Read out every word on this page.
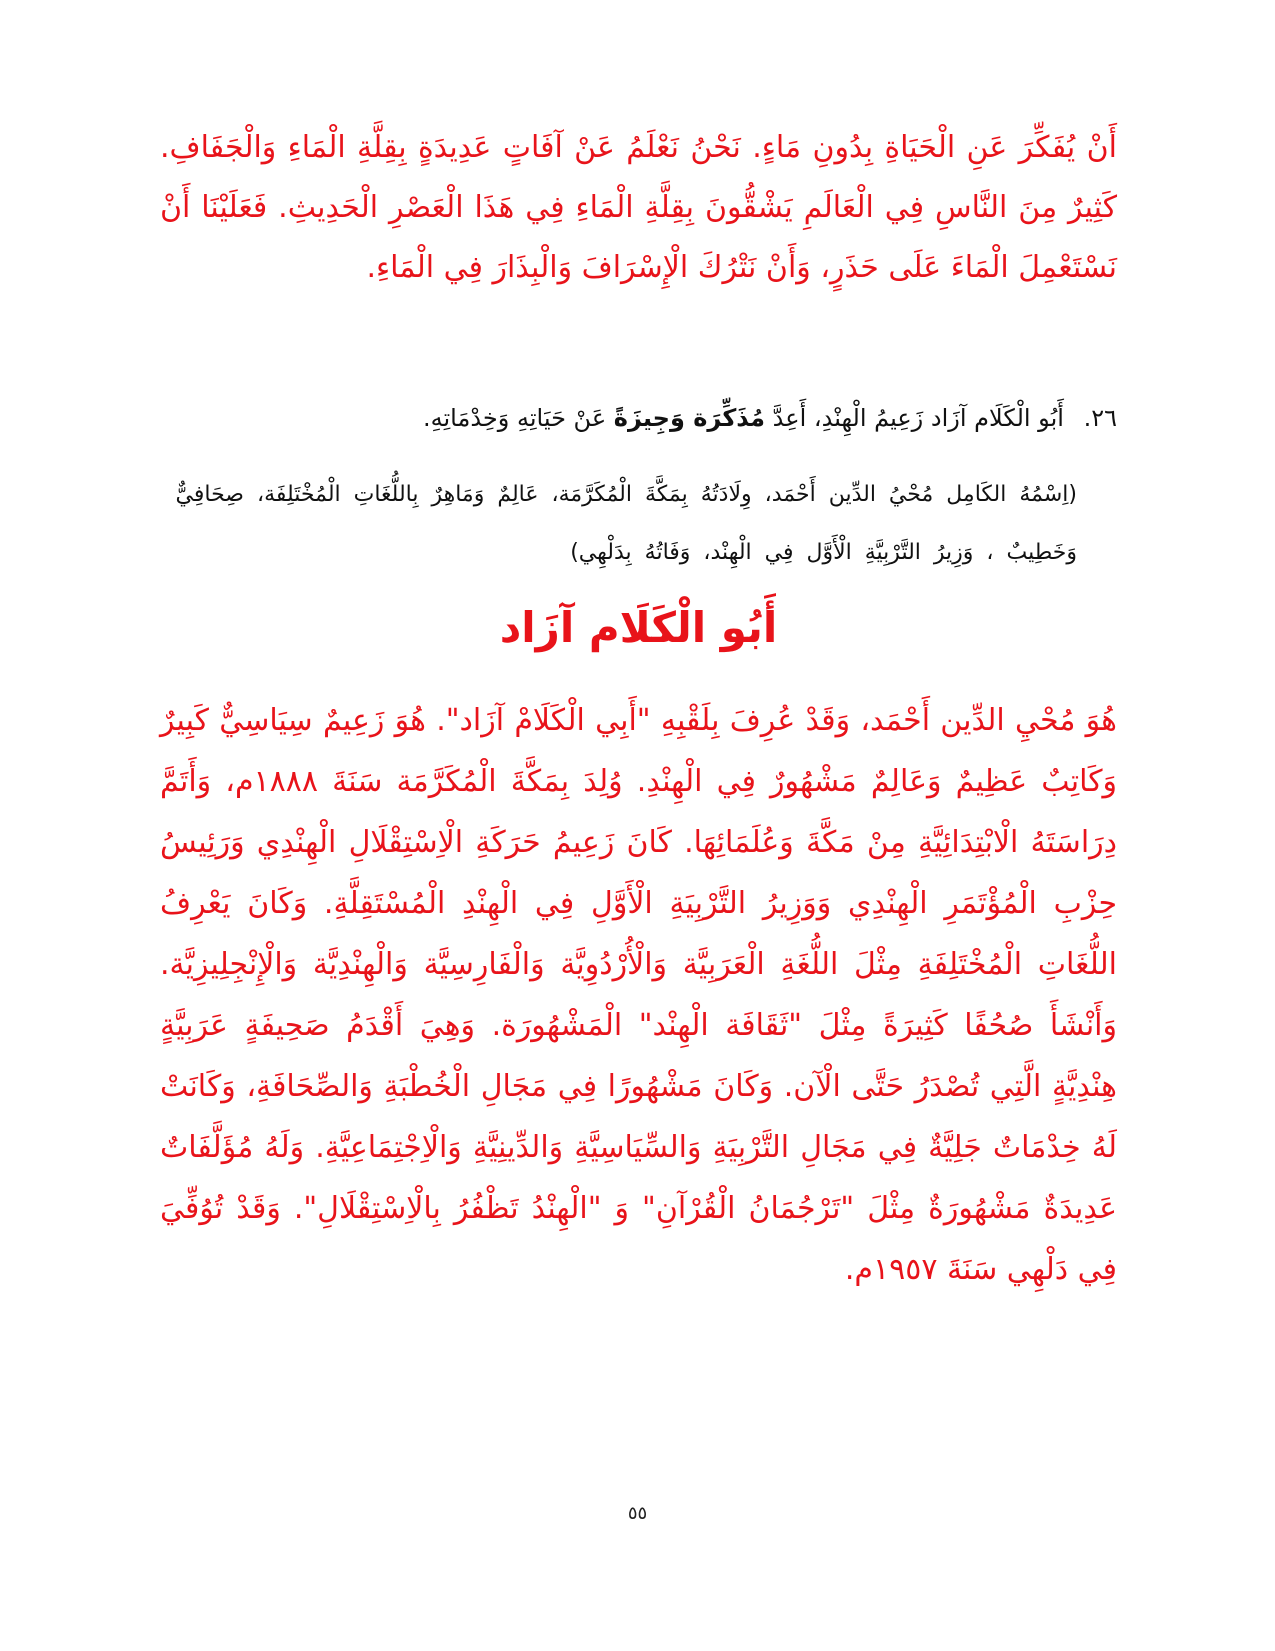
أَنْ يُفَكِّرَ عَنِ الْحَيَاةِ بِدُونِ مَاءٍ. نَحْنُ نَعْلَمُ عَنْ آفَاتٍ عَدِيدَةٍ بِقِلَّةِ الْمَاءِ وَالْجَفَافِ. كَثِيرٌ مِنَ النَّاسِ فِي الْعَالَمِ يَشْقُّونَ بِقِلَّةِ الْمَاءِ فِي هَذَا الْعَصْرِ الْحَدِيثِ. فَعَلَيْنَا أَنْ نَسْتَعْمِلَ الْمَاءَ عَلَى حَذَرٍ، وَأَنْ نَتْرُكَ الْإِسْرَافَ وَالْبِذَارَ فِي الْمَاءِ.

٢٦. أَبُو الْكَلَام آزَاد زَعِيمُ الْهِنْدِ، أَعِدَّ مُذَكِّرَة وَجِيزَةً عَنْ حَيَاتِهِ وَخِدْمَاتِهِ.

(اِسْمُهُ الكَامِل مُحْيُ الدِّين أَحْمَد، وِلَادَتُهُ بِمَكَّةَ الْمُكَرَّمَة، عَالِمٌ وَمَاهِرٌ بِاللُّغَاتِ الْمُخْتَلِفَة، صِحَافِيٌّ وَخَطِيبٌ ، وَزِيرُ التَّرْبِيَّةِ الْأَوَّل فِي الْهِنْد، وَفَاتُهُ بِدَلْهِي)

أَبُو الْكَلَام آزَاد

هُوَ مُحْيِ الدِّين أَحْمَد، وَقَدْ عُرِفَ بِلَقْبِهِ "أَبِي الْكَلَامْ آزَاد". هُوَ زَعِيمٌ سِيَاسِيٌّ كَبِيرٌ وَكَاتِبٌ عَظِيمٌ وَعَالِمٌ مَشْهُورٌ فِي الْهِنْدِ. وُلِدَ بِمَكَّةَ الْمُكَرَّمَة سَنَةَ ١٨٨٨م، وَأَتَمَّ دِرَاسَتَهُ الْابْتِدَائِيَّةِ مِنْ مَكَّةَ وَعُلَمَائِهَا. كَانَ زَعِيمُ حَرَكَةِ الْاِسْتِقْلَالِ الْهِنْدِي وَرَئِيسُ حِزْبِ الْمُؤْتَمَرِ الْهِنْدِي وَوَزِيرُ التَّرْبِيَةِ الْأَوَّلِ فِي الْهِنْدِ الْمُسْتَقِلَّةِ. وَكَانَ يَعْرِفُ اللُّغَاتِ الْمُخْتَلِفَةِ مِثْلَ اللُّغَةِ الْعَرَبِيَّة وَالْأُرْدُوِيَّة وَالْفَارِسِيَّة وَالْهِنْدِيَّة وَالْإِنْجِلِيزِيَّة. وَأَنْشَأَ صُحُفًا كَثِيرَةً مِثْلَ "ثَقَافَة الْهِنْد" الْمَشْهُورَة. وَهِيَ أَقْدَمُ صَحِيفَةٍ عَرَبِيَّةٍ هِنْدِيَّةٍ الَّتِي تُصْدَرُ حَتَّى الْآن. وَكَانَ مَشْهُورًا فِي مَجَالِ الْخُطْبَةِ وَالصِّحَافَةِ، وَكَانَتْ لَهُ خِدْمَاتٌ جَلِيَّةٌ فِي مَجَالِ التَّرْبِيَةِ وَالسِّيَاسِيَّةِ وَالدِّينِيَّةِ وَالْاِجْتِمَاعِيَّةِ. وَلَهُ مُؤَلَّفَاتٌ عَدِيدَةٌ مَشْهُورَةٌ مِثْلَ "تَرْجُمَانُ الْقُرْآنِ" وَ "الْهِنْدُ تَظْفُرُ بِالْاِسْتِقْلَالِ". وَقَدْ تُوُفِّيَ فِي دَلْهِي سَنَةَ ١٩٥٧م.

٥٥
